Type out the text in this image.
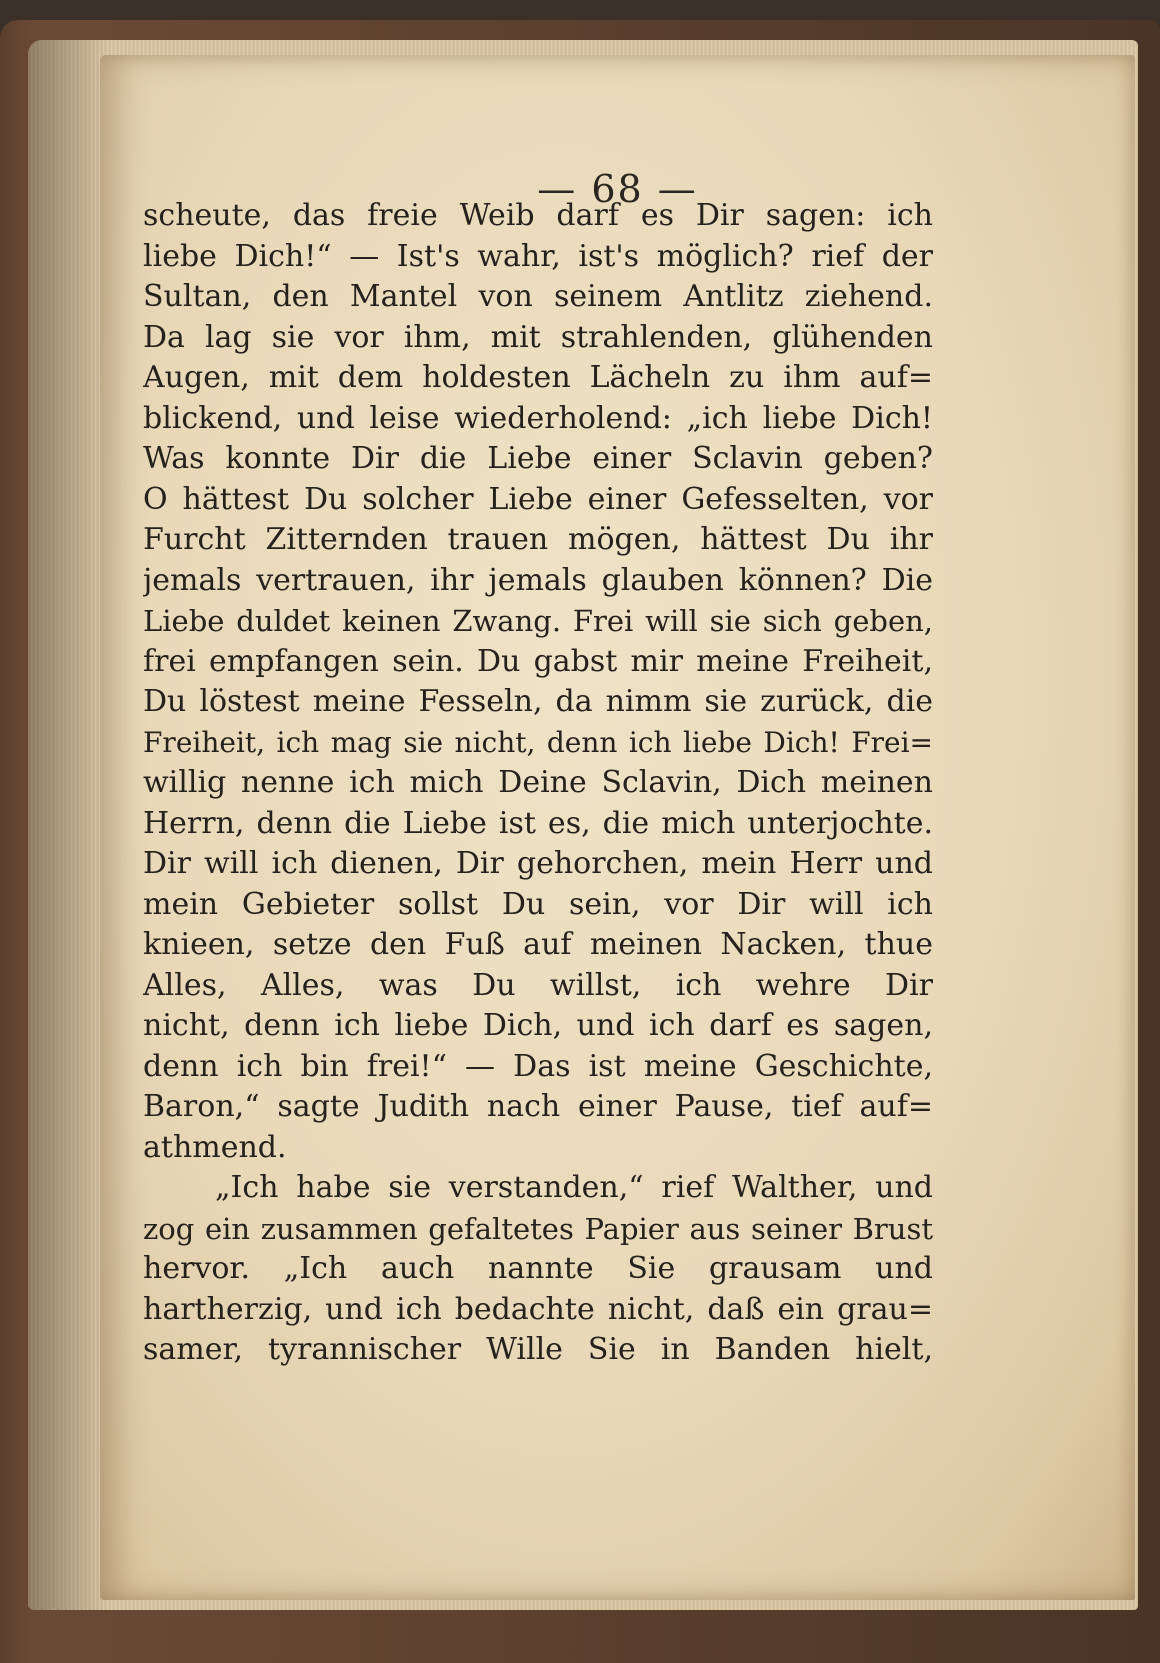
— 68 —
scheute, das freie Weib darf es Dir sagen: ich
liebe Dich!“ — Ist's wahr, ist's möglich? rief der
Sultan, den Mantel von seinem Antlitz ziehend.
Da lag sie vor ihm, mit strahlenden, glühenden
Augen, mit dem holdesten Lächeln zu ihm auf=
blickend, und leise wiederholend: „ich liebe Dich!
Was konnte Dir die Liebe einer Sclavin geben?
O hättest Du solcher Liebe einer Gefesselten, vor
Furcht Zitternden trauen mögen, hättest Du ihr
jemals vertrauen, ihr jemals glauben können? Die
Liebe duldet keinen Zwang. Frei will sie sich geben,
frei empfangen sein. Du gabst mir meine Freiheit,
Du löstest meine Fesseln, da nimm sie zurück, die
Freiheit, ich mag sie nicht, denn ich liebe Dich! Frei=
willig nenne ich mich Deine Sclavin, Dich meinen
Herrn, denn die Liebe ist es, die mich unterjochte.
Dir will ich dienen, Dir gehorchen, mein Herr und
mein Gebieter sollst Du sein, vor Dir will ich
knieen, setze den Fuß auf meinen Nacken, thue
Alles, Alles, was Du willst, ich wehre Dir
nicht, denn ich liebe Dich, und ich darf es sagen,
denn ich bin frei!“ — Das ist meine Geschichte,
Baron,“ sagte Judith nach einer Pause, tief auf=
athmend.
„Ich habe sie verstanden,“ rief Walther, und
zog ein zusammen gefaltetes Papier aus seiner Brust
hervor. „Ich auch nannte Sie grausam und
hartherzig, und ich bedachte nicht, daß ein grau=
samer, tyrannischer Wille Sie in Banden hielt,
